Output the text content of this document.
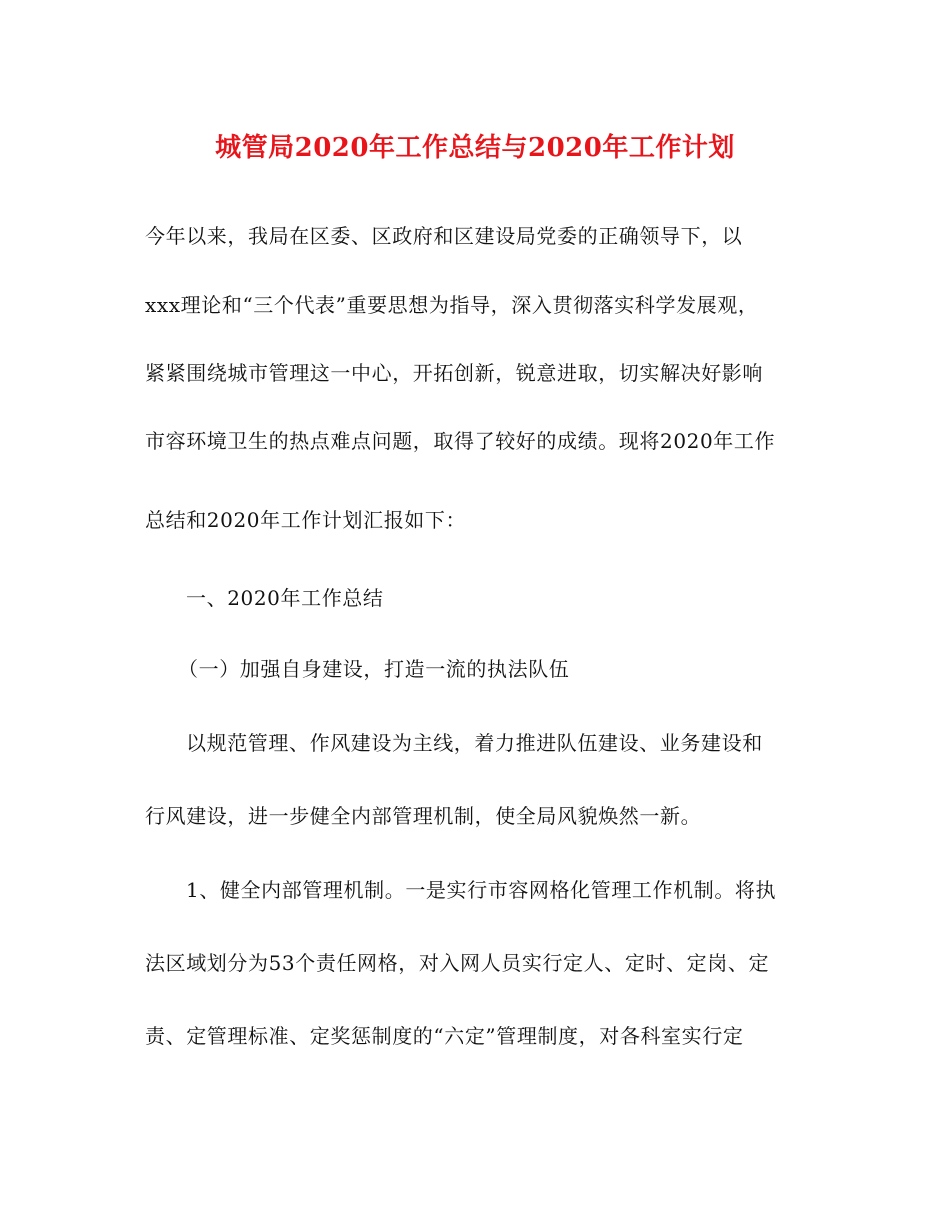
城管局2020年工作总结与2020年工作计划
今年以来，我局在区委、区政府和区建设局党委的正确领导下，以
xxx理论和“三个代表”重要思想为指导，深入贯彻落实科学发展观，
紧紧围绕城市管理这一中心，开拓创新，锐意进取，切实解决好影响
市容环境卫生的热点难点问题，取得了较好的成绩。现将2020年工作
总结和2020年工作计划汇报如下：
一、2020年工作总结
（一）加强自身建设，打造一流的执法队伍
以规范管理、作风建设为主线，着力推进队伍建设、业务建设和
行风建设，进一步健全内部管理机制，使全局风貌焕然一新。
1、健全内部管理机制。一是实行市容网格化管理工作机制。将执
法区域划分为53个责任网格，对入网人员实行定人、定时、定岗、定
责、定管理标准、定奖惩制度的“六定”管理制度，对各科室实行定
